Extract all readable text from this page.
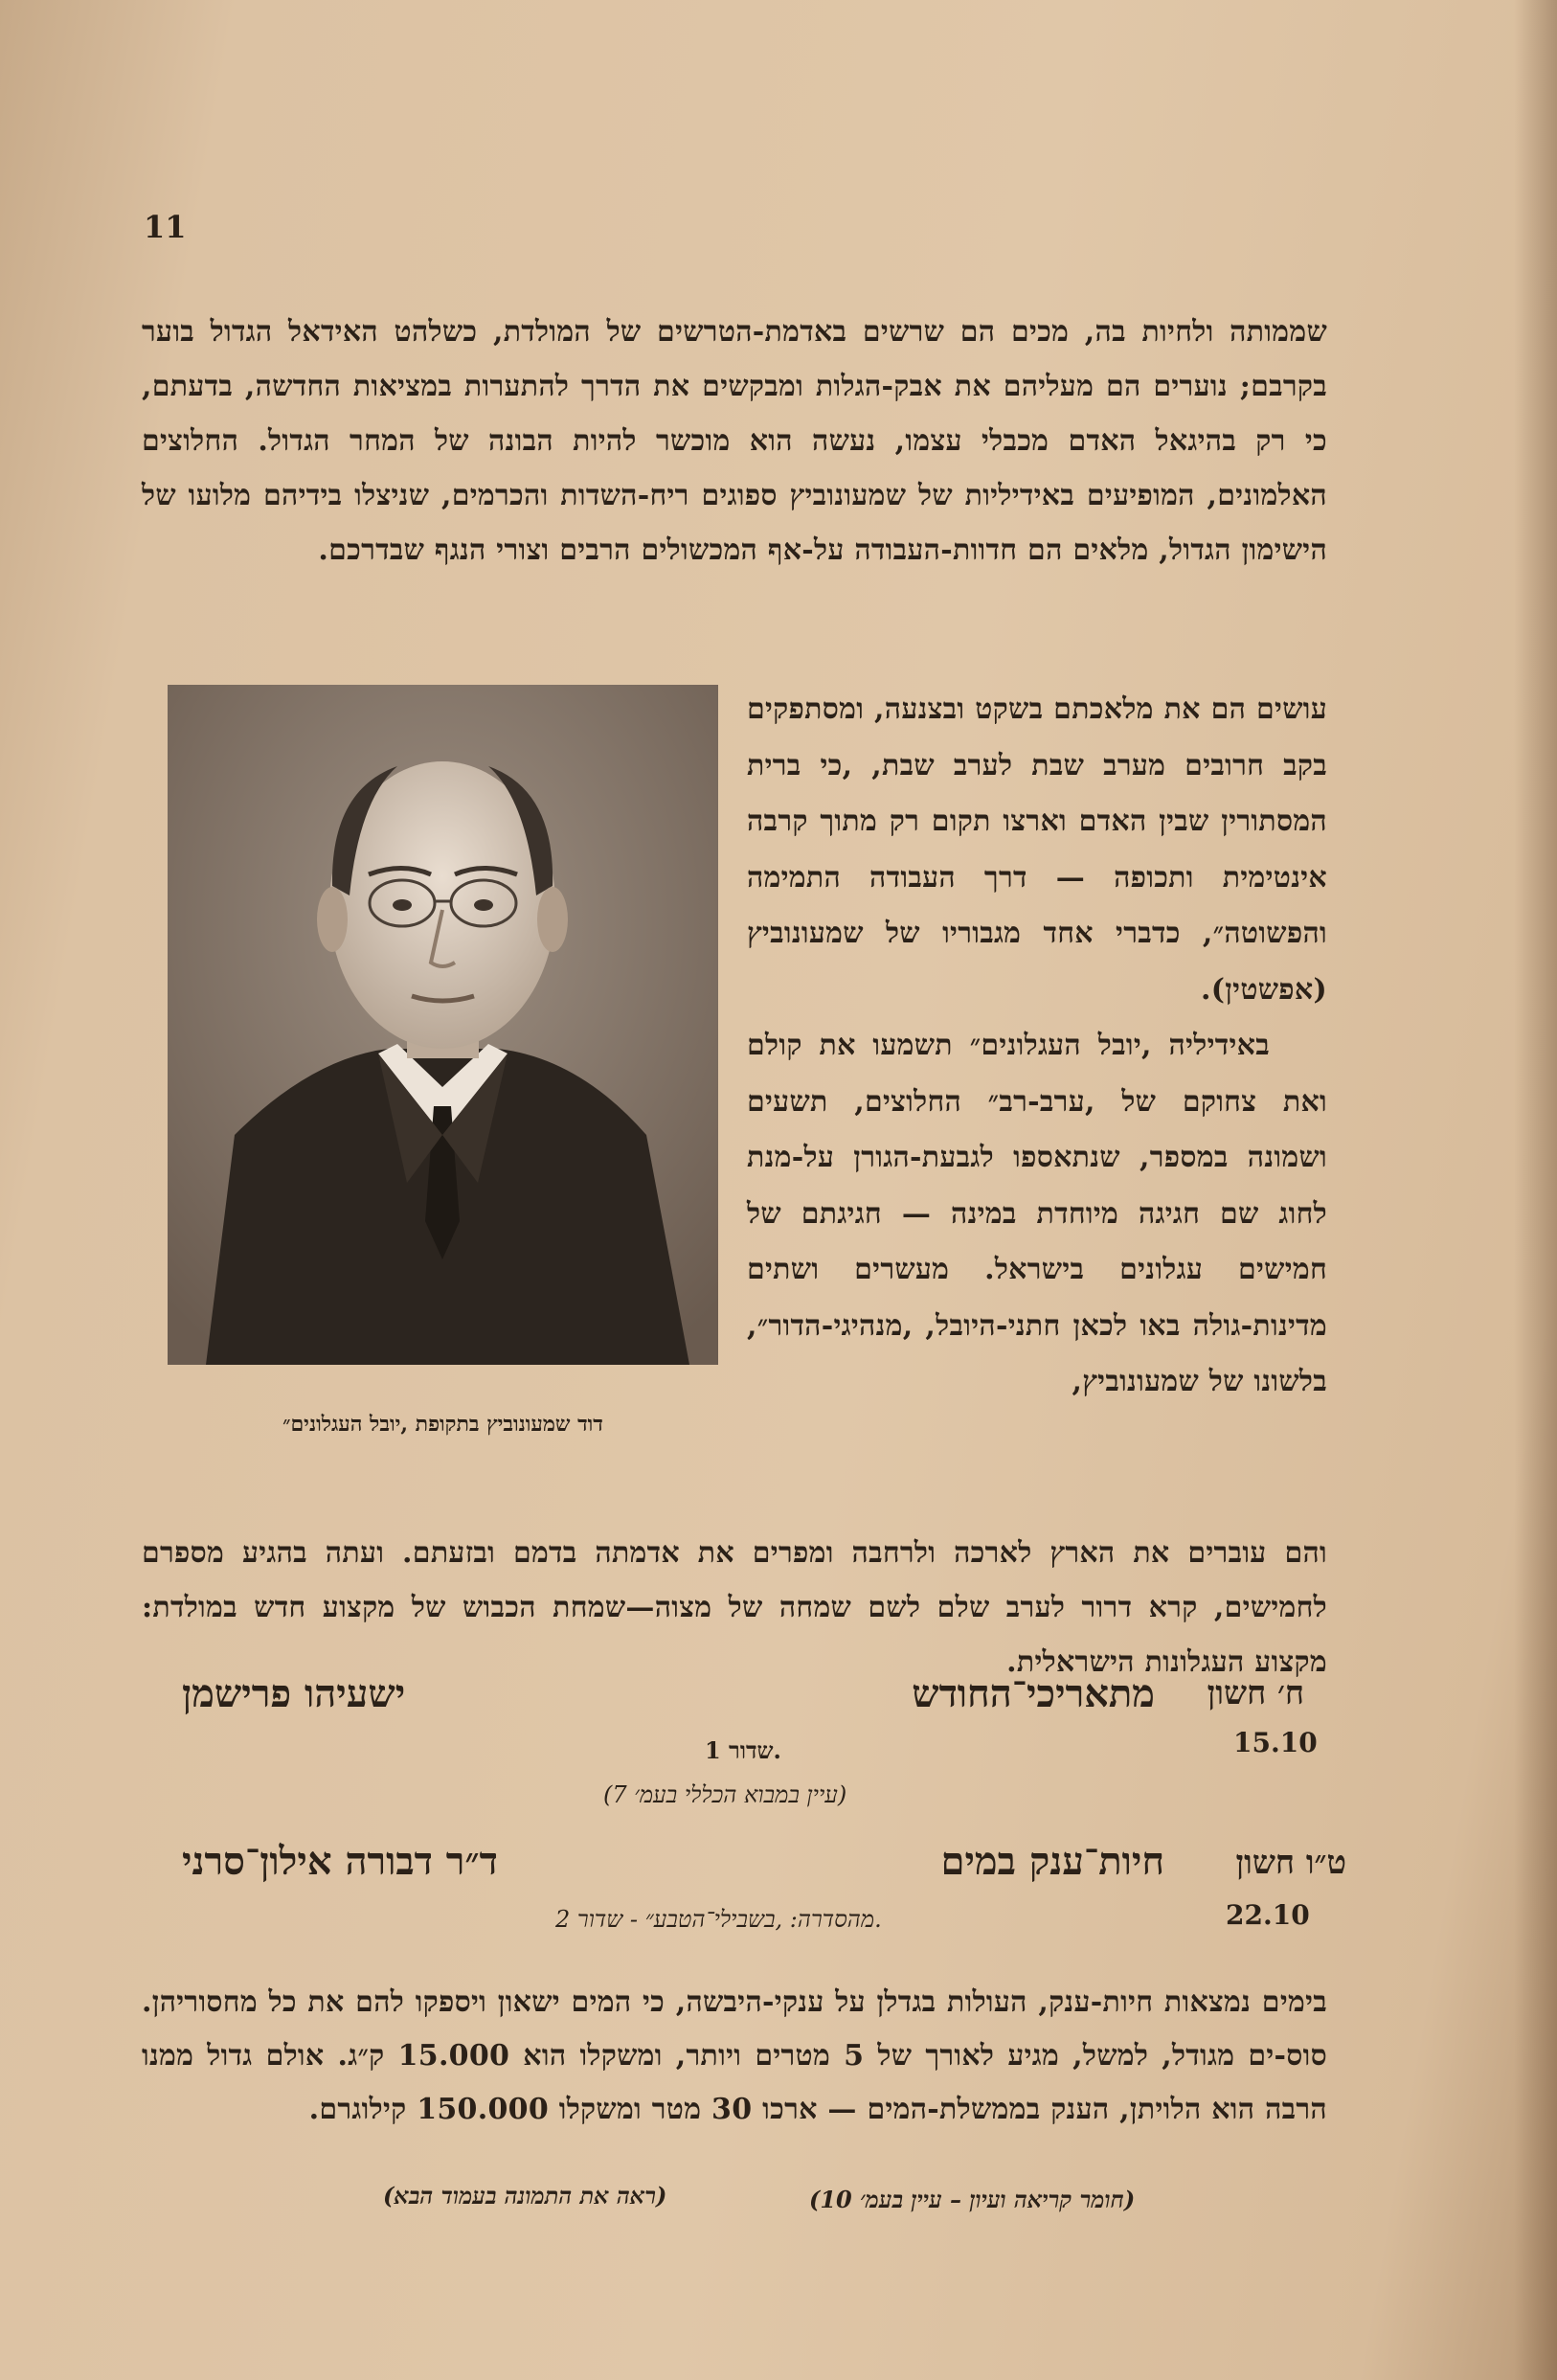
11

שממותה ולחיות בה, מכים הם שרשים באדמת-הטרשים של המולדת, כשלהט האידאל הגדול בוער בקרבם; נוערים הם מעליהם את אבק-הגלות ומבקשים את הדרך להתערות במציאות החדשה, בדעתם, כי רק בהיגאל האדם מכבלי עצמו, נעשה הוא מוכשר להיות הבונה של המחר הגדול. החלוצים האלמונים, המופיעים באידיליות של שמעונוביץ ספוגים ריח-השדות והכרמים, שניצלו בידיהם מלועו של הישימון הגדול, מלאים הם חדוות-העבודה על-אף המכשולים הרבים וצורי הנגף שבדרכם.

דוד שמעונוביץ בתקופת ,יובל העגלונים״

עושים הם את מלאכתם בשקט ובצנעה, ומסתפקים בקב חרובים מערב שבת לערב שבת, ,כי ברית המסתורין שבין האדם וארצו תקום רק מתוך קרבה אינטימית ותכופה — דרך העבודה התמימה והפשוטה״, כדברי אחד מגבוריו של שמעונוביץ (אפשטין).
באידיליה ,יובל העגלונים״ תשמעו את קולם ואת צחוקם של ,ערב-רב״ החלוצים, תשעים ושמונה במספר, שנתאספו לגבעת-הגורן על-מנת לחוג שם חגיגה מיוחדת במינה — חגיגתם של חמישים עגלונים בישראל. מעשרים ושתים מדינות-גולה באו לכאן חתני-היובל, ,מנהיגי-הדור״, בלשונו של שמעונוביץ,

והם עוברים את הארץ לארכה ולרחבה ומפרים את אדמתה בדמם ובזעתם. ועתה בהגיע מספרם לחמישים, קרא דרור לערב שלם לשם שמחה של מצוה—שמחת הכבוש של מקצוע חדש במולדת: מקצוע העגלונות הישראלית.

ח׳ חשון
15.10
מתאריכי־החודש
ישעיהו פרישמן
שדור 1.
(עיין במבוא הכללי בעמ׳ 7)
ט״ו חשון
22.10
חיות־ענק במים
ד״ר דבורה אילון־סרני
מהסדרה: ,בשבילי־הטבע״ - שדור 2.

בימים נמצאות חיות-ענק, העולות בגדלן על ענקי-היבשה, כי המים ישאון ויספקו להם את כל מחסוריהן. סוס-ים מגודל, למשל, מגיע לאורך של 5 מטרים ויותר, ומשקלו הוא 15.000 ק״ג. אולם גדול ממנו הרבה הוא הלויתן, הענק בממשלת-המים — ארכו 30 מטר ומשקלו 150.000 קילוגרם.

(ראה את התמונה בעמוד הבא)	(חומר קריאה ועיון – עיין בעמ׳ 10)
